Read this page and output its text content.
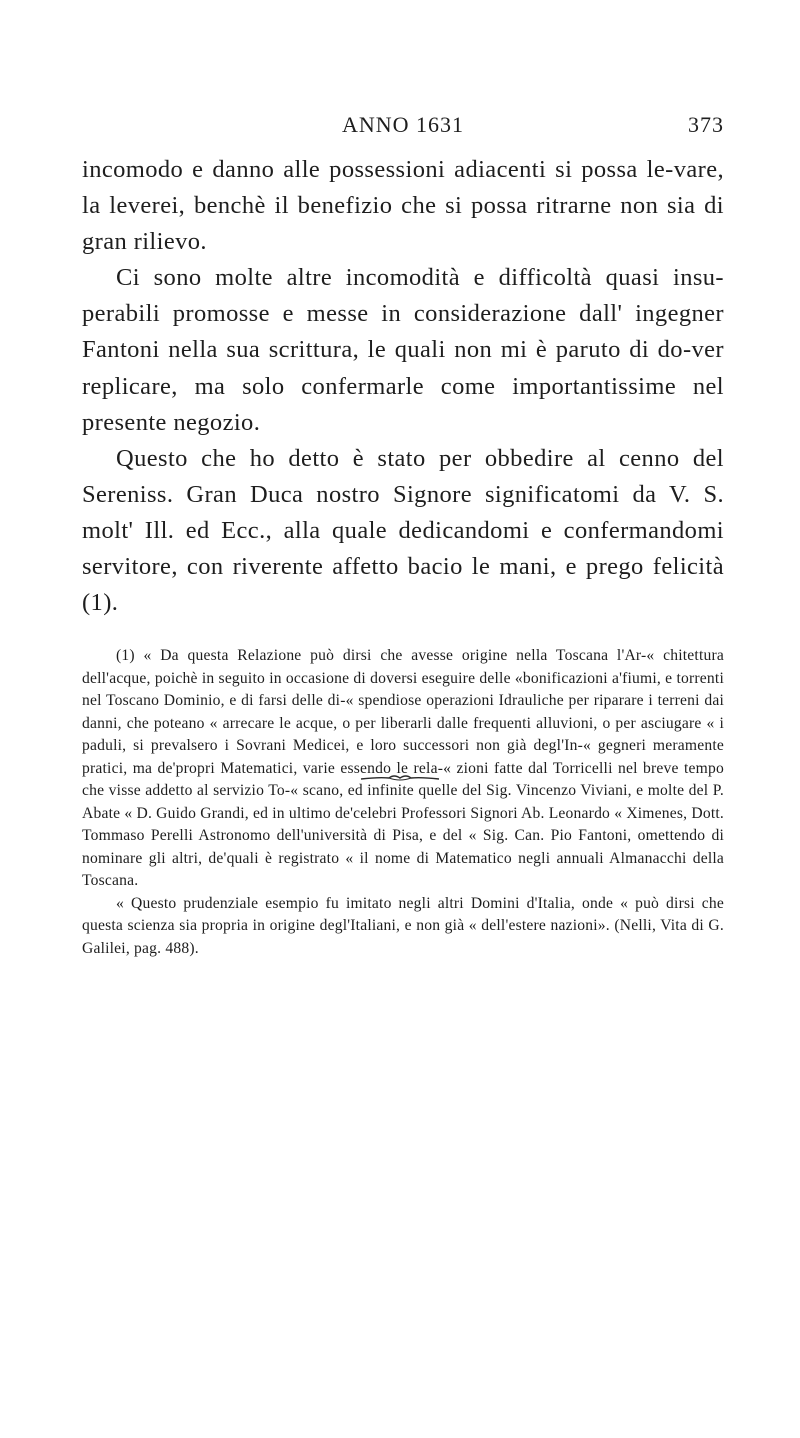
ANNO 1631	373

incomodo e danno alle possessioni adiacenti si possa le-vare, la leverei, benchè il benefizio che si possa ritrarne non sia di gran rilievo.

Ci sono molte altre incomodità e difficoltà quasi insu-perabili promosse e messe in considerazione dall' ingegner Fantoni nella sua scrittura, le quali non mi è paruto di do-ver replicare, ma solo confermarle come importantissime nel presente negozio.

Questo che ho detto è stato per obbedire al cenno del Sereniss. Gran Duca nostro Signore significatomi da V. S. molt' Ill. ed Ecc., alla quale dedicandomi e confermandomi servitore, con riverente affetto bacio le mani, e prego felicità (1).

(1) « Da questa Relazione può dirsi che avesse origine nella Toscana l'Ar-« chitettura dell'acque, poichè in seguito in occasione di doversi eseguire delle «bonificazioni a'fiumi, e torrenti nel Toscano Dominio, e di farsi delle di-« spendiose operazioni Idrauliche per riparare i terreni dai danni, che poteano « arrecare le acque, o per liberarli dalle frequenti alluvioni, o per asciugare « i paduli, si prevalsero i Sovrani Medicei, e loro successori non già degl'In-« gegneri meramente pratici, ma de'propri Matematici, varie essendo le rela-« zioni fatte dal Torricelli nel breve tempo che visse addetto al servizio To-« scano, ed infinite quelle del Sig. Vincenzo Viviani, e molte del P. Abate « D. Guido Grandi, ed in ultimo de'celebri Professori Signori Ab. Leonardo « Ximenes, Dott. Tommaso Perelli Astronomo dell'università di Pisa, e del « Sig. Can. Pio Fantoni, omettendo di nominare gli altri, de'quali è registrato « il nome di Matematico negli annuali Almanacchi della Toscana.

« Questo prudenziale esempio fu imitato negli altri Domini d'Italia, onde « può dirsi che questa scienza sia propria in origine degl'Italiani, e non già « dell'estere nazioni». (Nelli, Vita di G. Galilei, pag. 488).
